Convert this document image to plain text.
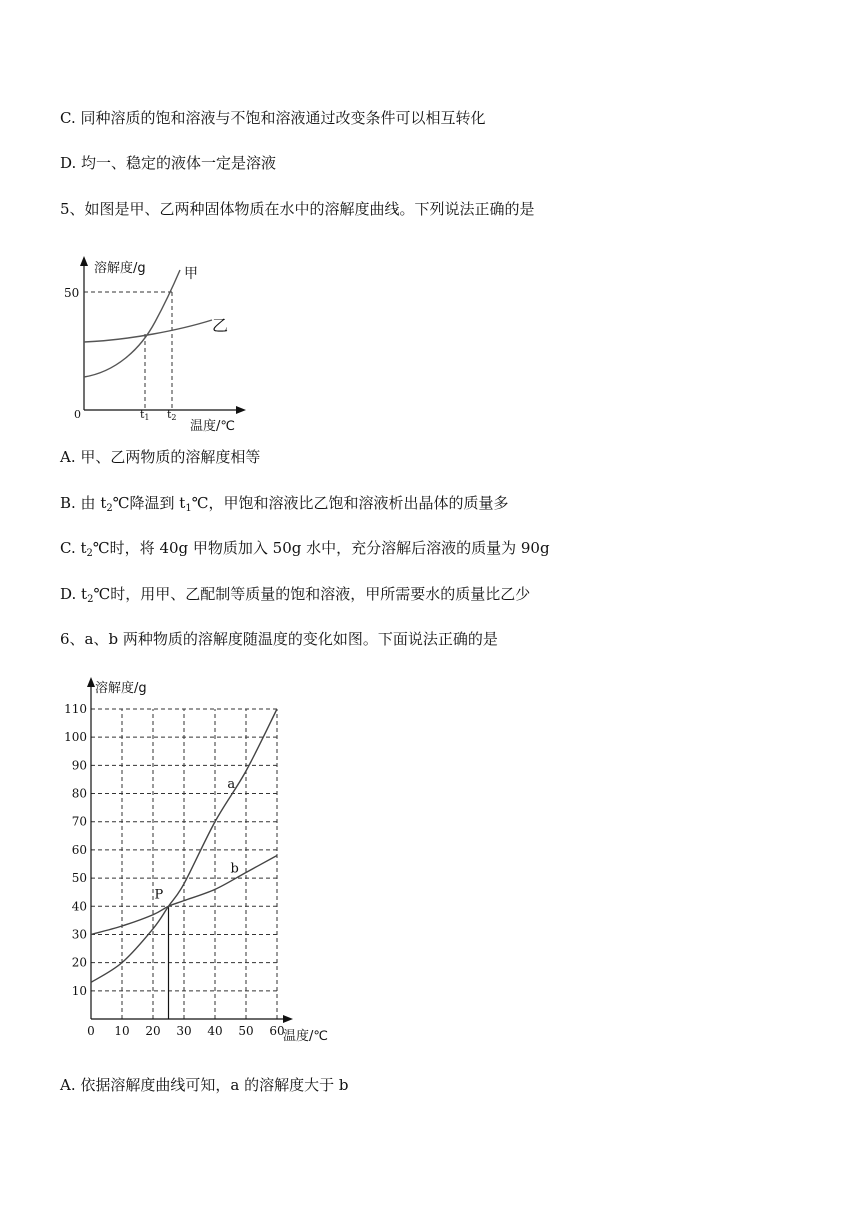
C. 同种溶质的饱和溶液与不饱和溶液通过改变条件可以相互转化
D. 均一、稳定的液体一定是溶液
5、如图是甲、乙两种固体物质在水中的溶解度曲线。下列说法正确的是
溶解度/g
50
0	t1 t2
温度/℃
甲
乙
A. 甲、乙两物质的溶解度相等
B. 由 $t_2℃$降温到 $t_1℃$，甲饱和溶液比乙饱和溶液析出晶体的质量多
C. $t_2℃$时，将 40g 甲物质加入 50g 水中，充分溶解后溶液的质量为 90g
D. $t_2℃$时，用甲、乙配制等质量的饱和溶液，甲所需要水的质量比乙少
6、a、b 两种物质的溶解度随温度的变化如图。下面说法正确的是
10
20
30
40
50
60
70
80
90
100
110
0 10 20 30 40 50 60
溶解度/g
温度/℃
a
b
P
A. 依据溶解度曲线可知，a 的溶解度大于 b
